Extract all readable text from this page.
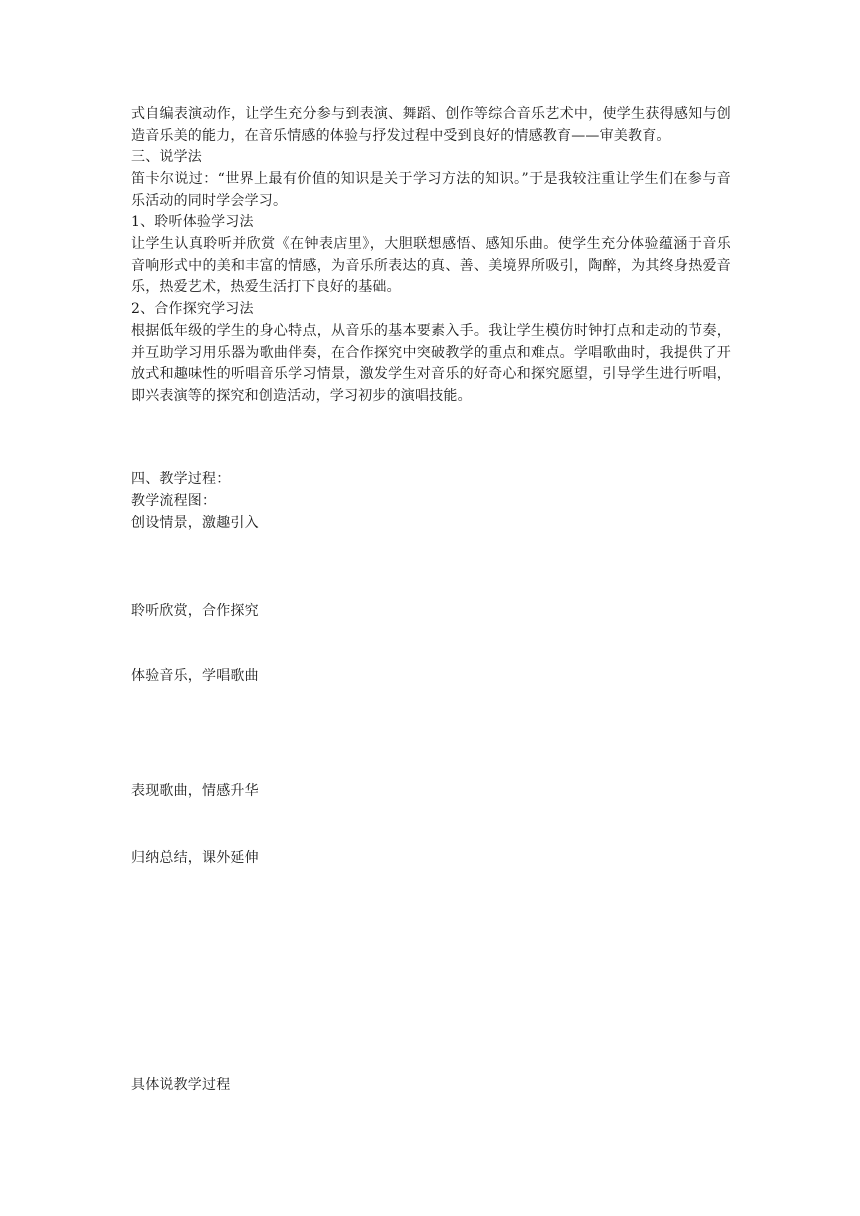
式自编表演动作，让学生充分参与到表演、舞蹈、创作等综合音乐艺术中，使学生获得感知与创造音乐美的能力，在音乐情感的体验与抒发过程中受到良好的情感教育——审美教育。
三、说学法
笛卡尔说过：“世界上最有价值的知识是关于学习方法的知识。”于是我较注重让学生们在参与音乐活动的同时学会学习。
1、聆听体验学习法
让学生认真聆听并欣赏《在钟表店里》，大胆联想感悟、感知乐曲。使学生充分体验蕴涵于音乐音响形式中的美和丰富的情感，为音乐所表达的真、善、美境界所吸引，陶醉，为其终身热爱音乐，热爱艺术，热爱生活打下良好的基础。
2、合作探究学习法
根据低年级的学生的身心特点，从音乐的基本要素入手。我让学生模仿时钟打点和走动的节奏，并互助学习用乐器为歌曲伴奏，在合作探究中突破教学的重点和难点。学唱歌曲时，我提供了开放式和趣味性的听唱音乐学习情景，激发学生对音乐的好奇心和探究愿望，引导学生进行听唱，即兴表演等的探究和创造活动，学习初步的演唱技能。
四、教学过程：
教学流程图：
创设情景，激趣引入
聆听欣赏，合作探究
体验音乐，学唱歌曲
表现歌曲，情感升华
归纳总结，课外延伸
具体说教学过程
